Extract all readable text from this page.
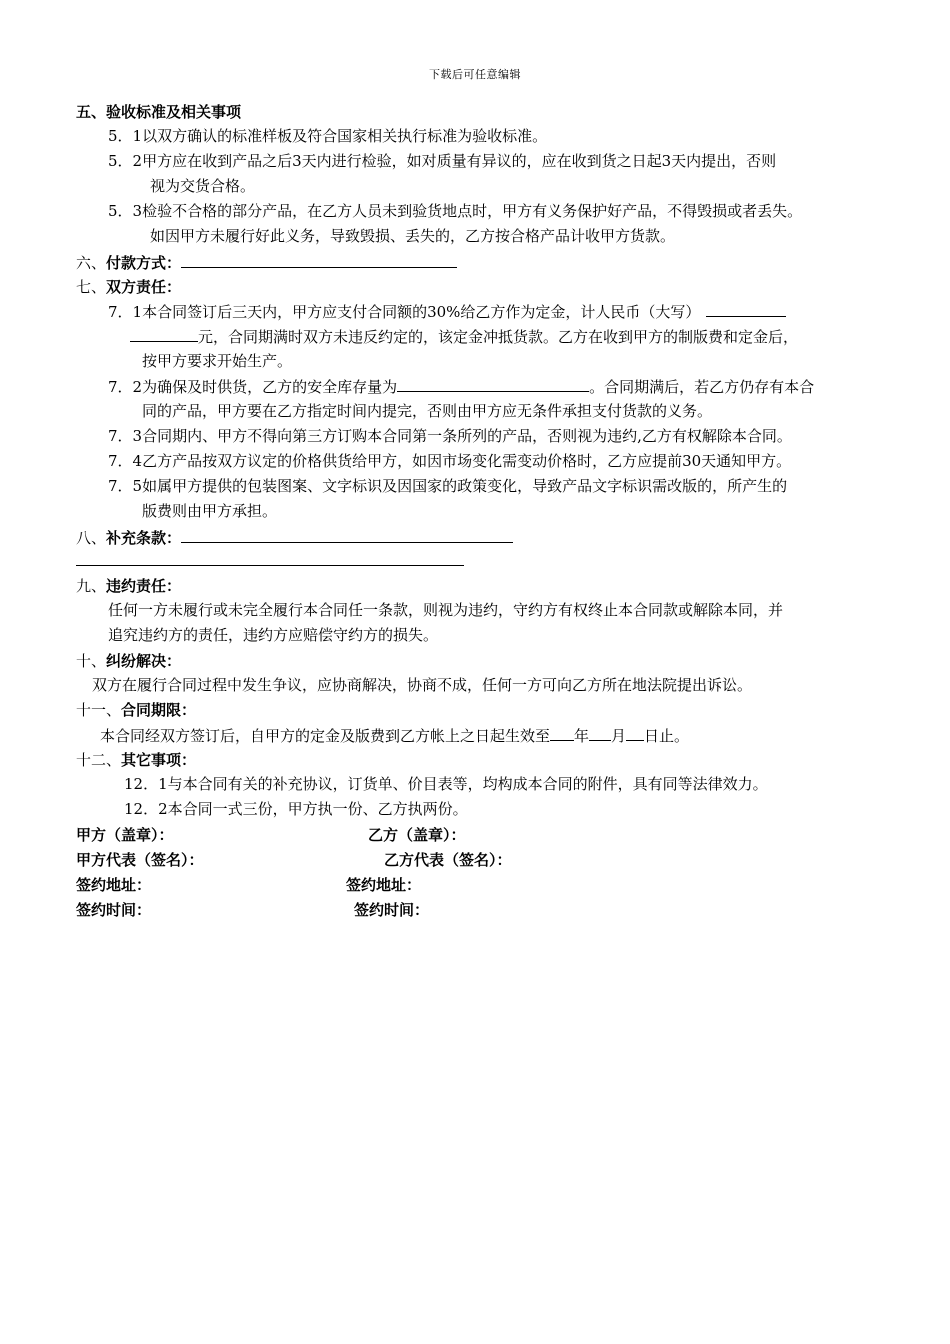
下载后可任意编辑
五、验收标准及相关事项
5．1以双方确认的标准样板及符合国家相关执行标准为验收标准。
5．2甲方应在收到产品之后3天内进行检验，如对质量有异议的，应在收到货之日起3天内提出，否则
视为交货合格。
5．3检验不合格的部分产品，在乙方人员未到验货地点时，甲方有义务保护好产品，不得毁损或者丢失。
如因甲方未履行好此义务，导致毁损、丢失的，乙方按合格产品计收甲方货款。
六、付款方式：
七、双方责任：
7．1本合同签订后三天内，甲方应支付合同额的30%给乙方作为定金，计人民币（大写）
元，合同期满时双方未违反约定的，该定金冲抵货款。乙方在收到甲方的制版费和定金后，
按甲方要求开始生产。
7．2为确保及时供货，乙方的安全库存量为	。合同期满后，若乙方仍存有本合
同的产品，甲方要在乙方指定时间内提完，否则由甲方应无条件承担支付货款的义务。
7．3合同期内、甲方不得向第三方订购本合同第一条所列的产品，否则视为违约,乙方有权解除本合同。
7．4乙方产品按双方议定的价格供货给甲方，如因市场变化需变动价格时，乙方应提前30天通知甲方。
7．5如属甲方提供的包装图案、文字标识及因国家的政策变化，导致产品文字标识需改版的，所产生的
版费则由甲方承担。
八、补充条款：
九、违约责任：
任何一方未履行或未完全履行本合同任一条款，则视为违约，守约方有权终止本合同款或解除本同，并
追究违约方的责任，违约方应赔偿守约方的损失。
十、纠纷解决：
双方在履行合同过程中发生争议，应协商解决，协商不成，任何一方可向乙方所在地法院提出诉讼。
十一、合同期限：
本合同经双方签订后，自甲方的定金及版费到乙方帐上之日起生效至 年 月 日止。
十二、其它事项：
12．1与本合同有关的补充协议，订货单、价目表等，均构成本合同的附件，具有同等法律效力。
12．2本合同一式三份，甲方执一份、乙方执两份。
甲方（盖章）：	乙方（盖章）：
甲方代表（签名）：	乙方代表（签名）：
签约地址：	签约地址：
签约时间：	签约时间：
